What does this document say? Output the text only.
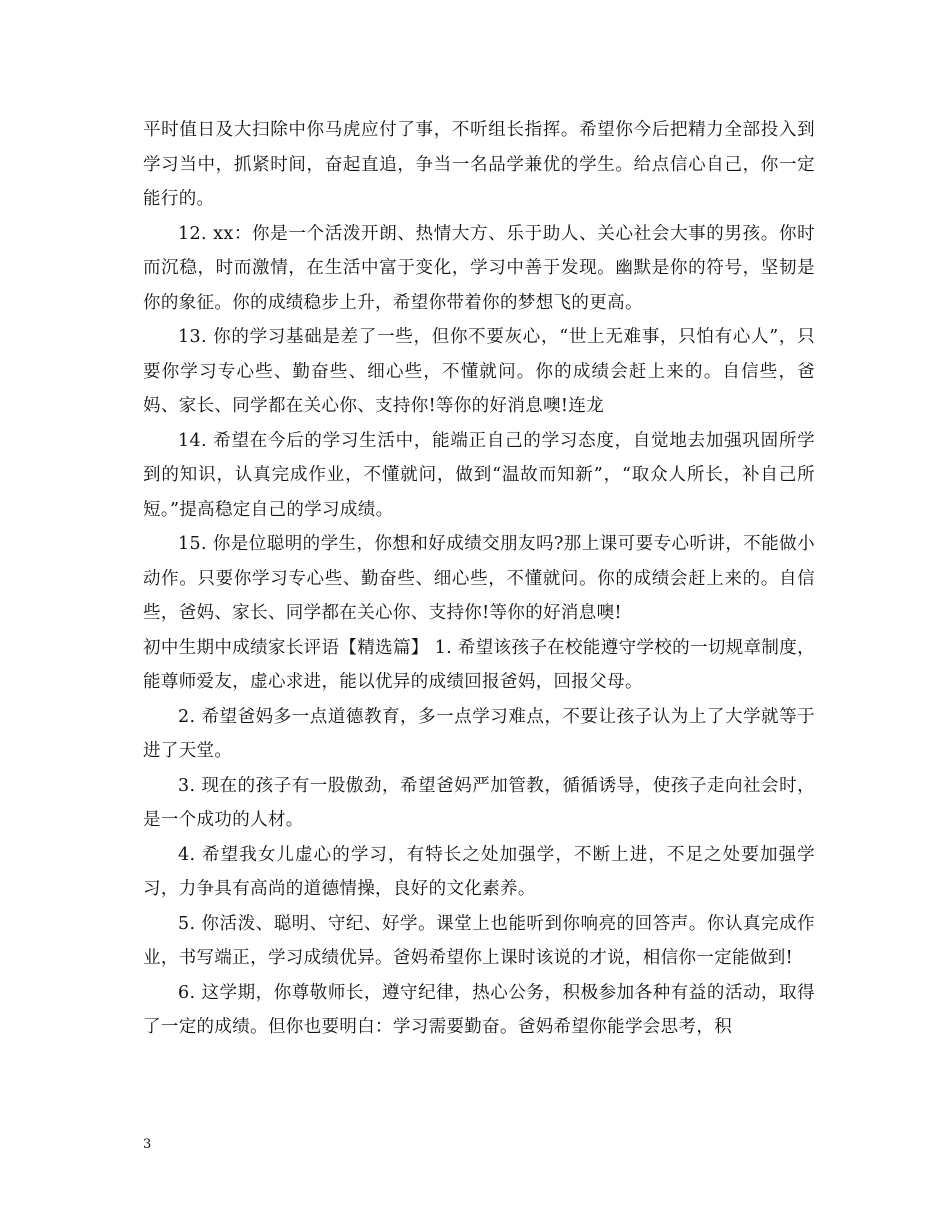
平时值日及大扫除中你马虎应付了事，不听组长指挥。希望你今后把精力全部投入到学习当中，抓紧时间，奋起直追，争当一名品学兼优的学生。给点信心自己，你一定能行的。

12. xx：你是一个活泼开朗、热情大方、乐于助人、关心社会大事的男孩。你时而沉稳，时而激情，在生活中富于变化，学习中善于发现。幽默是你的符号，坚韧是你的象征。你的成绩稳步上升，希望你带着你的梦想飞的更高。

13. 你的学习基础是差了一些，但你不要灰心，“世上无难事，只怕有心人”，只要你学习专心些、勤奋些、细心些，不懂就问。你的成绩会赶上来的。自信些，爸妈、家长、同学都在关心你、支持你!等你的好消息噢!连龙

14. 希望在今后的学习生活中，能端正自己的学习态度，自觉地去加强巩固所学到的知识，认真完成作业，不懂就问，做到“温故而知新”，“取众人所长，补自己所短。”提高稳定自己的学习成绩。

15. 你是位聪明的学生，你想和好成绩交朋友吗?那上课可要专心听讲，不能做小动作。只要你学习专心些、勤奋些、细心些，不懂就问。你的成绩会赶上来的。自信些，爸妈、家长、同学都在关心你、支持你!等你的好消息噢!

初中生期中成绩家长评语【精选篇】 1. 希望该孩子在校能遵守学校的一切规章制度，能尊师爱友，虚心求进，能以优异的成绩回报爸妈，回报父母。

2. 希望爸妈多一点道德教育，多一点学习难点，不要让孩子认为上了大学就等于进了天堂。

3. 现在的孩子有一股傲劲，希望爸妈严加管教，循循诱导，使孩子走向社会时，是一个成功的人材。

4. 希望我女儿虚心的学习，有特长之处加强学，不断上进，不足之处要加强学习，力争具有高尚的道德情操，良好的文化素养。

5. 你活泼、聪明、守纪、好学。课堂上也能听到你响亮的回答声。你认真完成作业，书写端正，学习成绩优异。爸妈希望你上课时该说的才说，相信你一定能做到!

6. 这学期，你尊敬师长，遵守纪律，热心公务，积极参加各种有益的活动，取得了一定的成绩。但你也要明白：学习需要勤奋。爸妈希望你能学会思考，积

3
